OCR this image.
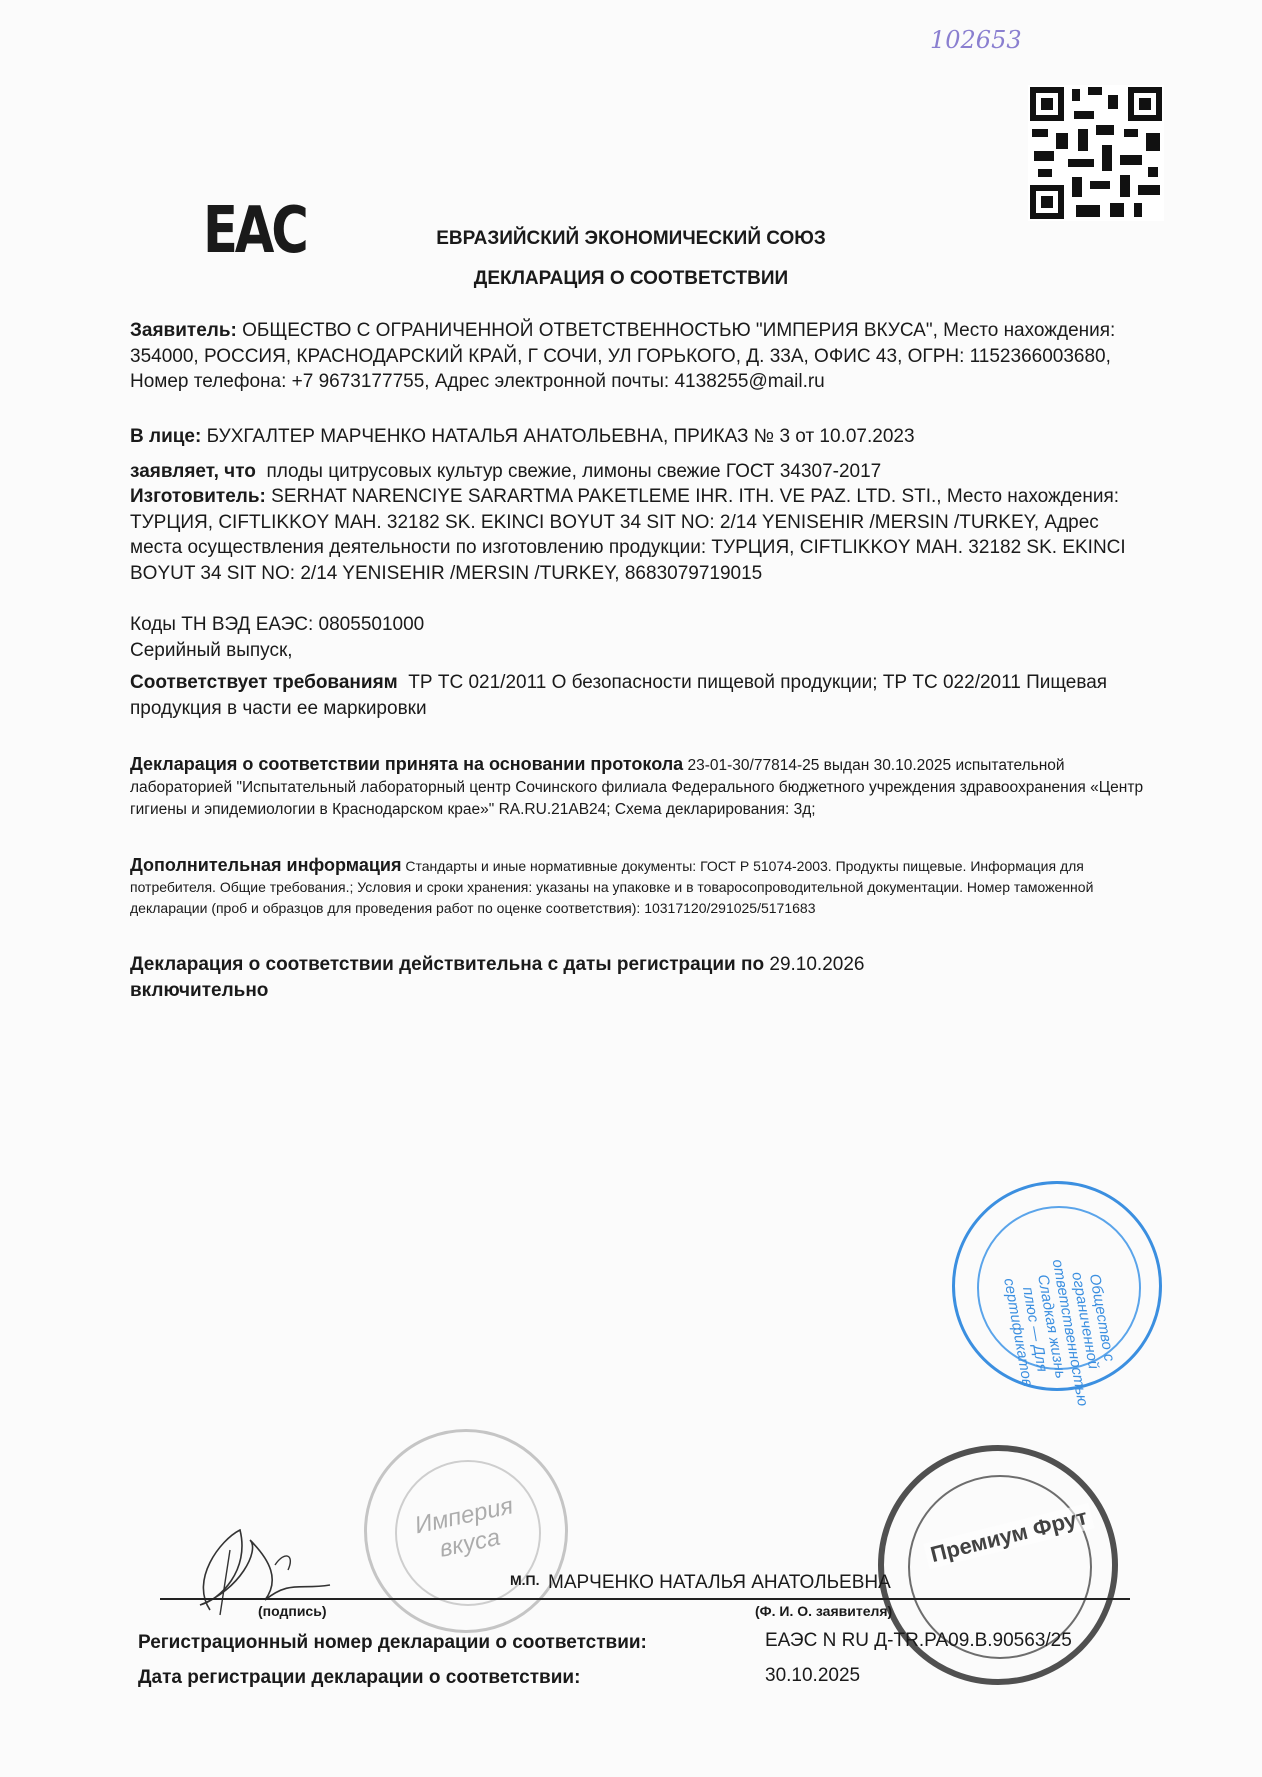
102653
EAC	ЕВРАЗИЙСКИЙ ЭКОНОМИЧЕСКИЙ СОЮЗ
ДЕКЛАРАЦИЯ О СООТВЕТСТВИИ
Заявитель: ОБЩЕСТВО С ОГРАНИЧЕННОЙ ОТВЕТСТВЕННОСТЬЮ "ИМПЕРИЯ ВКУСА", Место нахождения: 354000, РОССИЯ, КРАСНОДАРСКИЙ КРАЙ, Г СОЧИ, УЛ ГОРЬКОГО, Д. 33А, ОФИС 43, ОГРН: 1152366003680, Номер телефона: +7 9673177755, Адрес электронной почты: 4138255@mail.ru
В лице: БУХГАЛТЕР МАРЧЕНКО НАТАЛЬЯ АНАТОЛЬЕВНА, ПРИКАЗ № 3 от 10.07.2023
заявляет, что плоды цитрусовых культур свежие, лимоны свежие ГОСТ 34307-2017
Изготовитель: SERHAT NARENCIYE SARARTMA PAKETLEME IHR. ITH. VE PAZ. LTD. STI., Место нахождения: ТУРЦИЯ, CIFTLIKKOY MAH. 32182 SK. EKINCI BOYUT 34 SIT NO: 2/14 YENISEHIR /MERSIN /TURKEY, Адрес места осуществления деятельности по изготовлению продукции: ТУРЦИЯ, CIFTLIKKOY MAH. 32182 SK. EKINCI BOYUT 34 SIT NO: 2/14 YENISEHIR /MERSIN /TURKEY, 8683079719015
Коды ТН ВЭД ЕАЭС: 0805501000
Серийный выпуск,
Соответствует требованиям ТР ТС 021/2011 О безопасности пищевой продукции; ТР ТС 022/2011 Пищевая продукция в части ее маркировки
Декларация о соответствии принята на основании протокола 23-01-30/77814-25 выдан 30.10.2025 испытательной лабораторией "Испытательный лабораторный центр Сочинского филиала Федерального бюджетного учреждения здравоохранения «Центр гигиены и эпидемиологии в Краснодарском крае»" RA.RU.21AB24; Схема декларирования: 3д;
Дополнительная информация Стандарты и иные нормативные документы: ГОСТ Р 51074-2003. Продукты пищевые. Информация для потребителя. Общие требования.; Условия и сроки хранения: указаны на упаковке и в товаросопроводительной документации. Номер таможенной декларации (проб и образцов для проведения работ по оценке соответствия): 10317120/291025/5171683
Декларация о соответствии действительна с даты регистрации по 29.10.2026
включительно
Общество с ограниченной ответственностью Сладкая жизнь плюс — Для сертификатов
Империя вкуса	Премиум Фрут
М.П. МАРЧЕНКО НАТАЛЬЯ АНАТОЛЬЕВНА
(подпись)	(Ф. И. О. заявителя)
Регистрационный номер декларации о соответствии:	ЕАЭС N RU Д-TR.РА09.В.90563/25
Дата регистрации декларации о соответствии:	30.10.2025
